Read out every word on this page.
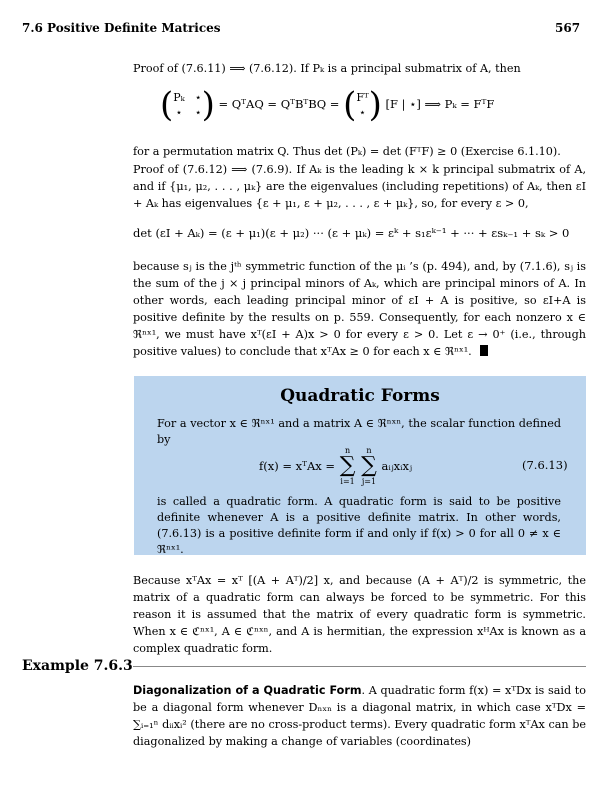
7.6 Positive Definite Matrices	567
Proof of (7.6.11) ⟹ (7.6.12). If Pₖ is a principal submatrix of A, then
( Pₖ ⋆
⋆ ⋆ ) = QᵀAQ = QᵀBᵀBQ = ( Fᵀ
⋆ ) [F | ⋆] ⟹ Pₖ = FᵀF
for a permutation matrix Q. Thus det (Pₖ) = det (FᵀF) ≥ 0 (Exercise 6.1.10).
Proof of (7.6.12) ⟹ (7.6.9). If Aₖ is the leading k × k principal submatrix of A, and if {μ₁, μ₂, . . . , μₖ} are the eigenvalues (including repetitions) of Aₖ, then εI + Aₖ has eigenvalues {ε + μ₁, ε + μ₂, . . . , ε + μₖ}, so, for every ε > 0,
det (εI + Aₖ) = (ε + μ₁)(ε + μ₂) ··· (ε + μₖ) = εᵏ + s₁εᵏ⁻¹ + ··· + εsₖ₋₁ + sₖ > 0
because sⱼ is the jᵗʰ symmetric function of the μᵢ ’s (p. 494), and, by (7.1.6), sⱼ is the sum of the j × j principal minors of Aₖ, which are principal minors of A. In other words, each leading principal minor of εI + A is positive, so εI+A is positive definite by the results on p. 559. Consequently, for each nonzero x ∈ ℜⁿˣ¹, we must have xᵀ(εI + A)x > 0 for every ε > 0. Let ε → 0⁺ (i.e., through positive values) to conclude that xᵀAx ≥ 0 for each x ∈ ℜⁿˣ¹.
Quadratic Forms
For a vector x ∈ ℜⁿˣ¹ and a matrix A ∈ ℜⁿˣⁿ, the scalar function defined by
f(x) = xᵀAx =
n
∑
i=1

n
∑
j=1
aᵢⱼxᵢxⱼ	(7.6.13)
is called a quadratic form. A quadratic form is said to be positive definite whenever A is a positive definite matrix. In other words, (7.6.13) is a positive definite form if and only if f(x) > 0 for all 0 ≠ x ∈ ℜⁿˣ¹.
Because xᵀAx = xᵀ [(A + Aᵀ)/2] x, and because (A + Aᵀ)/2 is symmetric, the matrix of a quadratic form can always be forced to be symmetric. For this reason it is assumed that the matrix of every quadratic form is symmetric. When x ∈ ℭⁿˣ¹, A ∈ ℭⁿˣⁿ, and A is hermitian, the expression xᴴAx is known as a complex quadratic form.
Example 7.6.3
Diagonalization of a Quadratic Form. A quadratic form f(x) = xᵀDx is said to be a diagonal form whenever Dₙₓₙ is a diagonal matrix, in which case xᵀDx = ∑ᵢ₌₁ⁿ dᵢᵢxᵢ² (there are no cross-product terms). Every quadratic form xᵀAx can be diagonalized by making a change of variables (coordinates)
